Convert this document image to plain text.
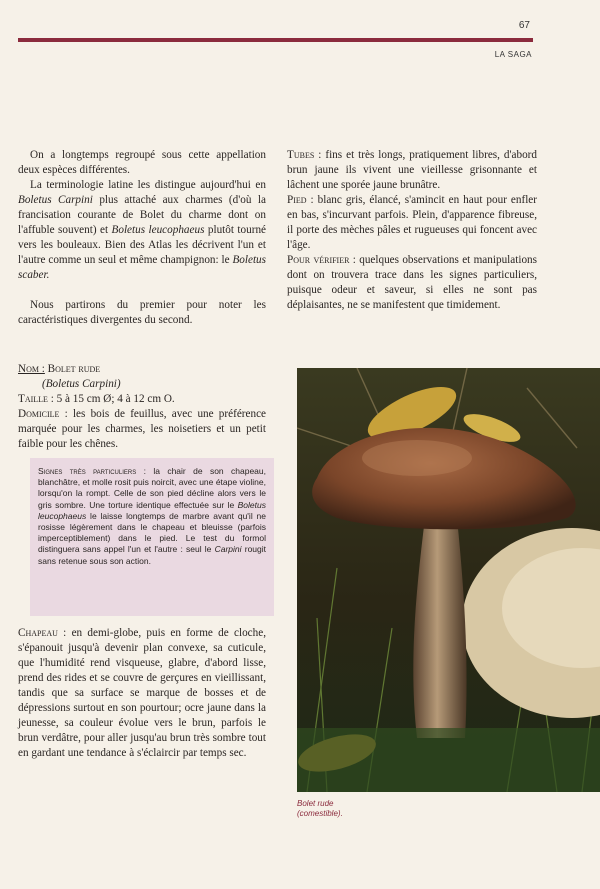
67
LA SAGA

On a longtemps regroupé sous cette appellation deux espèces différentes.

La terminologie latine les distingue aujourd'hui en Boletus Carpini plus attaché aux charmes (d'où la francisation courante de Bolet du charme dont on l'affuble souvent) et Boletus leucophaeus plutôt tourné vers les bouleaux. Bien des Atlas les décrivent l'un et l'autre comme un seul et même champignon: le Boletus scaber.

Nous partirons du premier pour noter les caractéristiques divergentes du second.

Nom : Bolet rude

(Boletus Carpini)

Taille : 5 à 15 cm Ø; 4 à 12 cm O.

Domicile : les bois de feuillus, avec une préférence marquée pour les charmes, les noisetiers et un petit faible pour les chênes.

Signes très particuliers : la chair de son chapeau, blanchâtre, et molle rosit puis noircit, avec une étape violine, lorsqu'on la rompt. Celle de son pied décline alors vers le gris sombre. Une torture identique effectuée sur le Boletus leucophaeus le laisse longtemps de marbre avant qu'il ne rosisse légèrement dans le chapeau et bleuisse (parfois imperceptiblement) dans le pied. Le test du formol distinguera sans appel l'un et l'autre : seul le Carpini rougit sans retenue sous son action.

Chapeau : en demi-globe, puis en forme de cloche, s'épanouit jusqu'à devenir plan convexe, sa cuticule, que l'humidité rend visqueuse, glabre, d'abord lisse, prend des rides et se couvre de gerçures en vieillissant, tandis que sa surface se marque de bosses et de dépressions surtout en son pourtour; ocre jaune dans la jeunesse, sa couleur évolue vers le brun, parfois le brun verdâtre, pour aller jusqu'au brun très sombre tout en gardant une tendance à s'éclaircir par temps sec.

Tubes : fins et très longs, pratiquement libres, d'abord brun jaune ils vivent une vieillesse grisonnante et lâchent une sporée jaune brunâtre.

Pied : blanc gris, élancé, s'amincit en haut pour enfler en bas, s'incurvant parfois. Plein, d'apparence fibreuse, il porte des mèches pâles et rugueuses qui foncent avec l'âge.

Pour vérifier : quelques observations et manipulations dont on trouvera trace dans les signes particuliers, puisque odeur et saveur, si elles ne sont pas déplaisantes, ne se manifestent que timidement.

Bolet rude
(comestible).
